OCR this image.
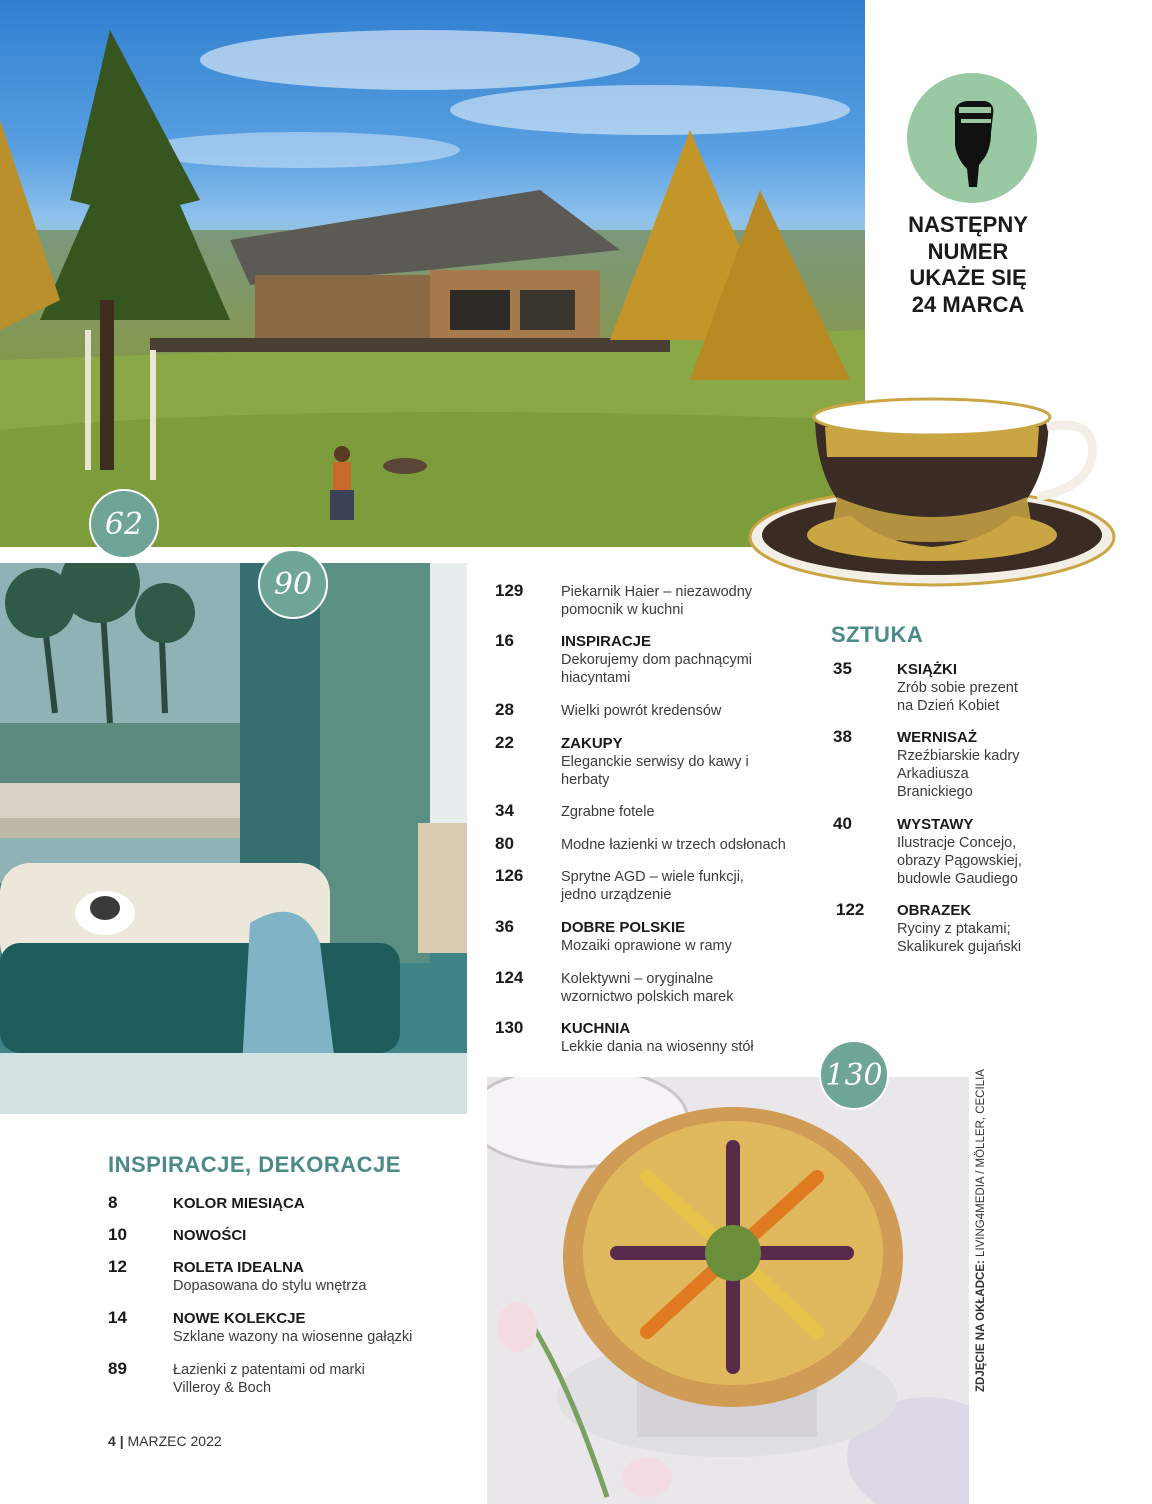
62
NASTĘPNY
NUMER
UKAŻE SIĘ
24 MARCA
90
130
129	Piekarnik Haier – niezawodny pomocnik w kuchni
16	INSPIRACJE
Dekorujemy dom pachnącymi hiacyntami
28	Wielki powrót kredensów
22	ZAKUPY
Eleganckie serwisy do kawy i herbaty
34	Zgrabne fotele
80	Modne łazienki w trzech odsłonach
126	Sprytne AGD – wiele funkcji, jedno urządzenie
36	DOBRE POLSKIE
Mozaiki oprawione w ramy
124	Kolektywni – oryginalne wzornictwo polskich marek
130	KUCHNIA
Lekkie dania na wiosenny stół
SZTUKA
35	KSIĄŻKI
Zrób sobie prezent na Dzień Kobiet
38	WERNISAŻ
Rzeźbiarskie kadry Arkadiusza Branickiego
40	WYSTAWY
Ilustracje Concejo, obrazy Pągowskiej, budowle Gaudiego
122 OBRAZEK
Ryciny z ptakami; Skalikurek gujański
INSPIRACJE, DEKORACJE
8	KOLOR MIESIĄCA
10	NOWOŚCI
12	ROLETA IDEALNA
Dopasowana do stylu wnętrza
14	NOWE KOLEKCJE
Szklane wazony na wiosenne gałązki
89	Łazienki z patentami od marki Villeroy & Boch
4 | MARZEC 2022
ZDJĘCIE NA OKŁADCE: LIVING4MEDIA / MÖLLER, CECILIA
